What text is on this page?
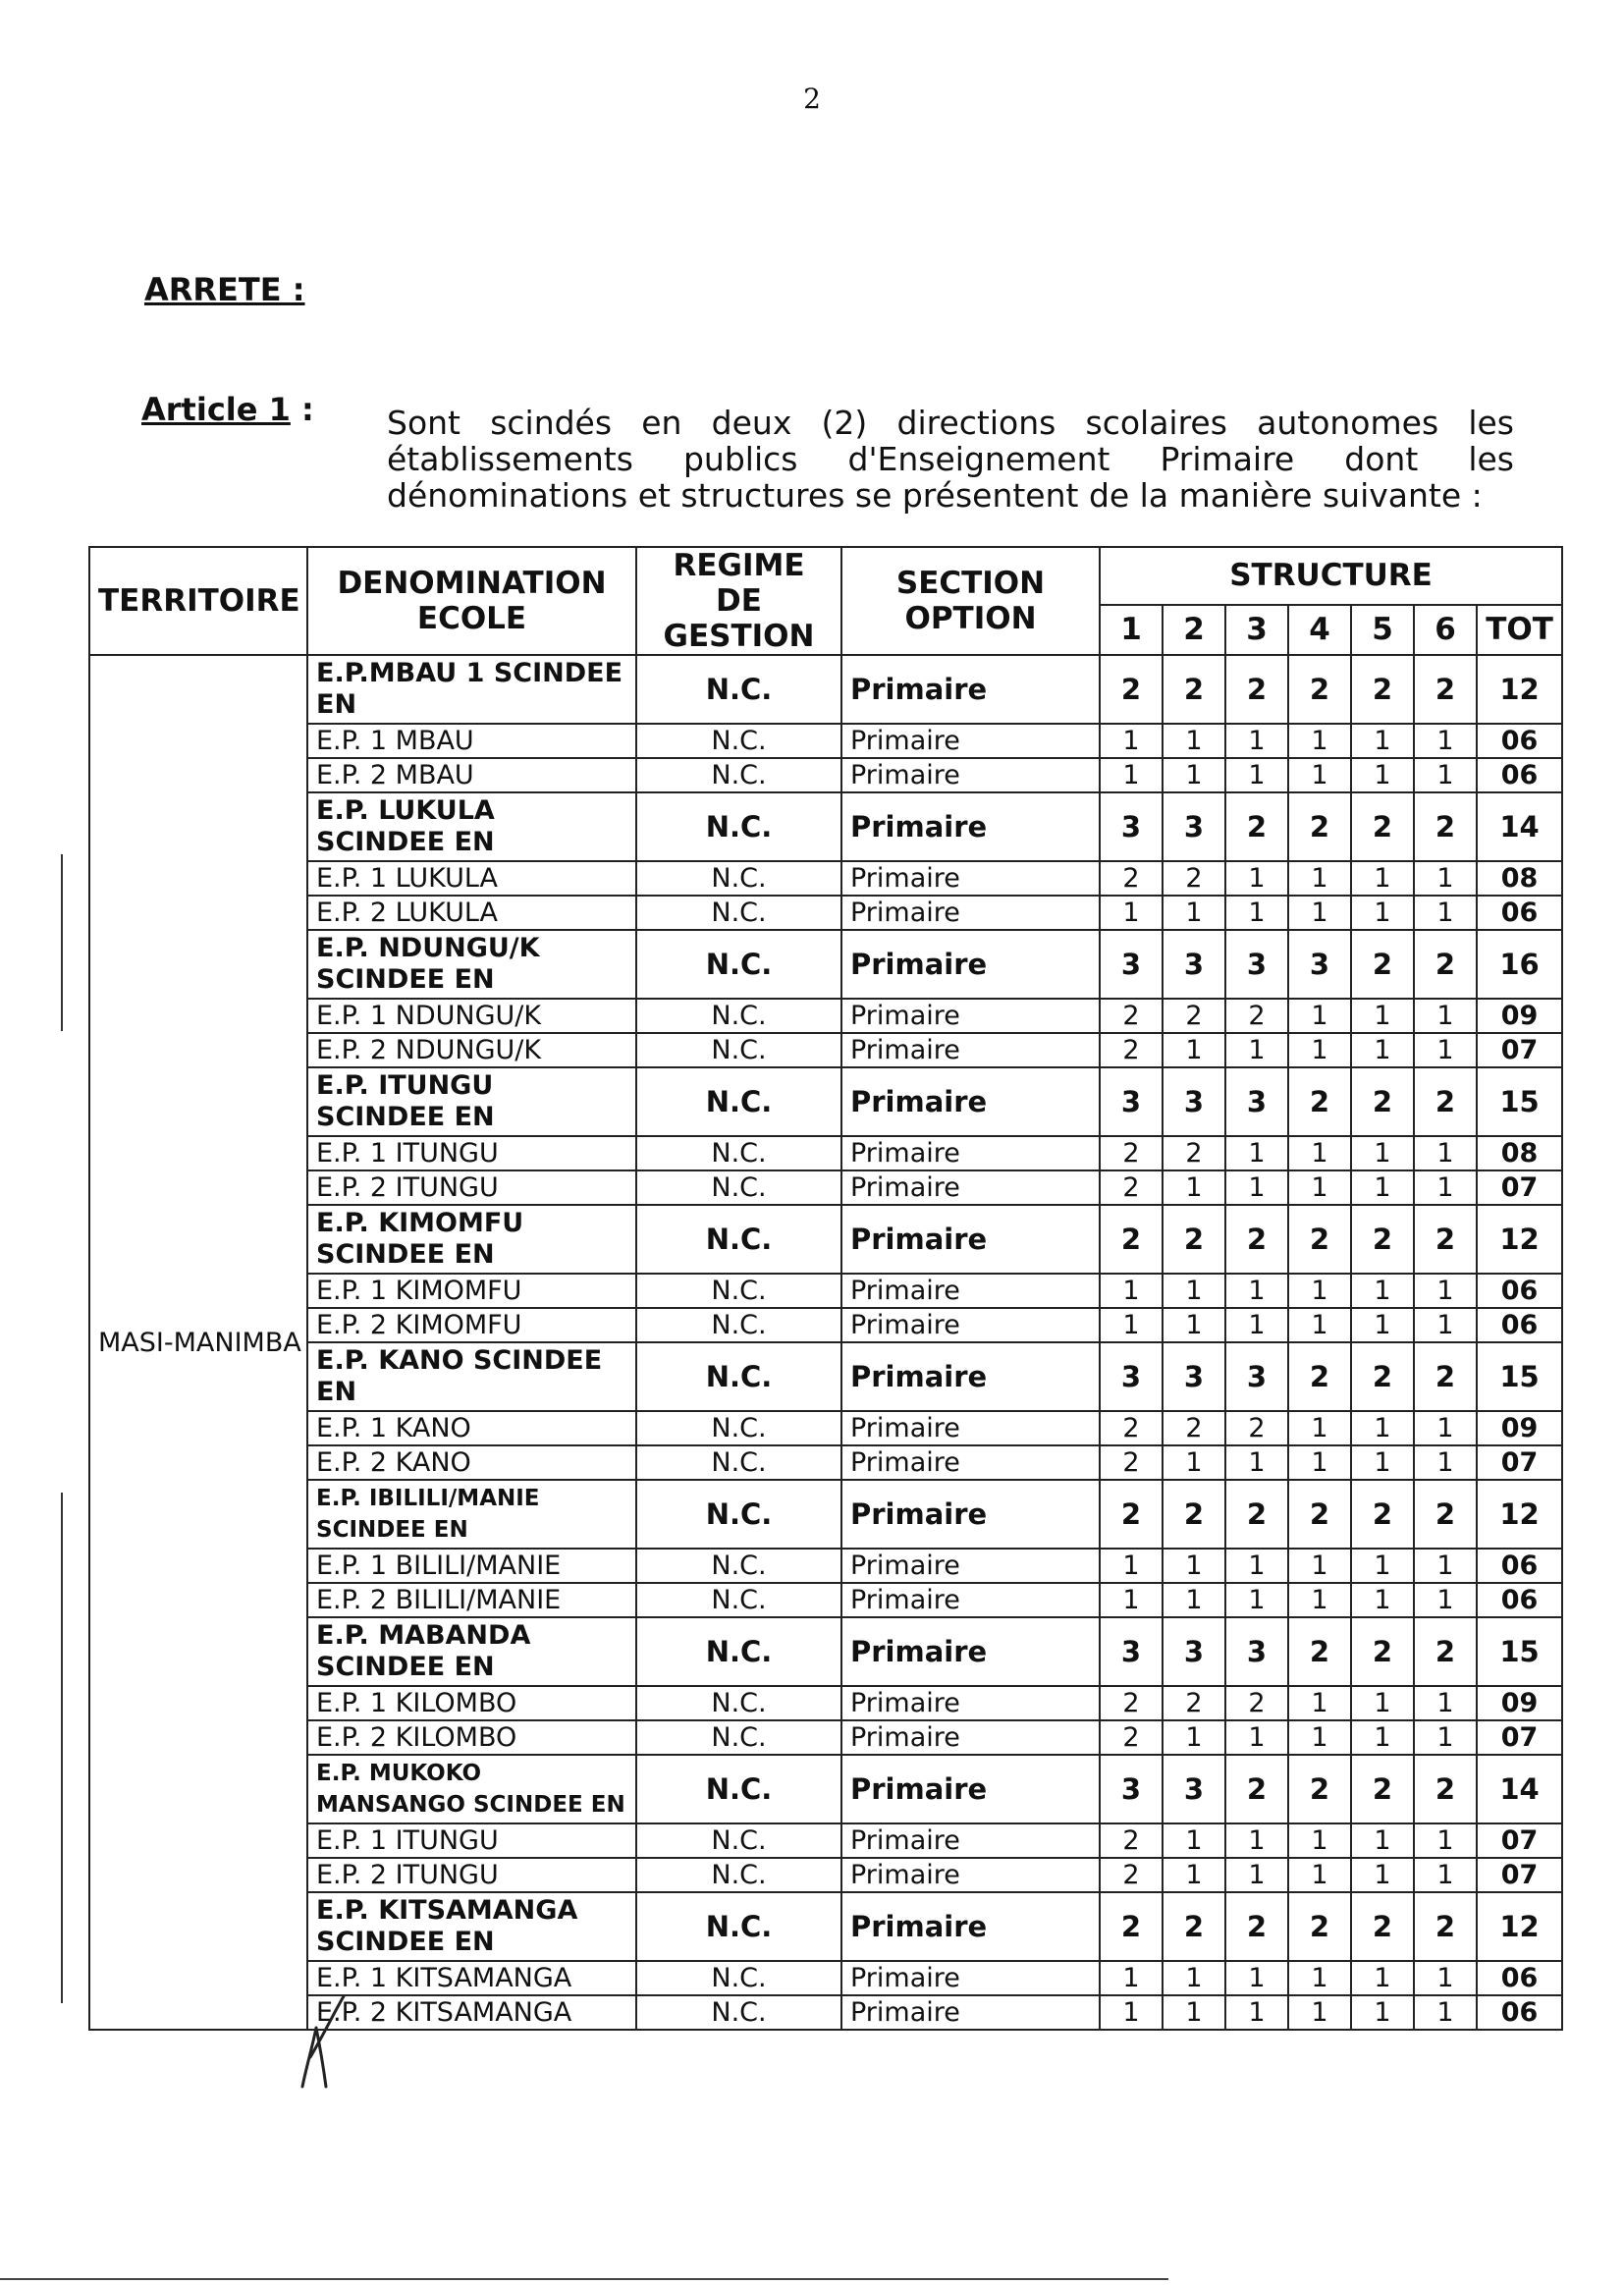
2
ARRETE :
Article 1 : Sont scindés en deux (2) directions scolaires autonomes les établissements publics d'Enseignement Primaire dont les dénominations et structures se présentent de la manière suivante :
TERRITOIRE	DENOMINATION ECOLE	REGIME DE GESTION	SECTION OPTION	STRUCTURE						
				1	2	3	4	5	6	TOT
MASI-MANIMBA	E.P.MBAU 1 SCINDEE EN	N.C.	Primaire	2	2	2	2	2	2	12
	E.P. 1 MBAU	N.C.	Primaire	1	1	1	1	1	1	06
	E.P. 2 MBAU	N.C.	Primaire	1	1	1	1	1	1	06
	E.P. LUKULA SCINDEE EN	N.C.	Primaire	3	3	2	2	2	2	14
	E.P. 1 LUKULA	N.C.	Primaire	2	2	1	1	1	1	08
	E.P. 2 LUKULA	N.C.	Primaire	1	1	1	1	1	1	06
	E.P. NDUNGU/K SCINDEE EN	N.C.	Primaire	3	3	3	3	2	2	16
	E.P. 1 NDUNGU/K	N.C.	Primaire	2	2	2	1	1	1	09
	E.P. 2 NDUNGU/K	N.C.	Primaire	2	1	1	1	1	1	07
	E.P. ITUNGU SCINDEE EN	N.C.	Primaire	3	3	3	2	2	2	15
	E.P. 1 ITUNGU	N.C.	Primaire	2	2	1	1	1	1	08
	E.P. 2 ITUNGU	N.C.	Primaire	2	1	1	1	1	1	07
	E.P. KIMOMFU SCINDEE EN	N.C.	Primaire	2	2	2	2	2	2	12
	E.P. 1 KIMOMFU	N.C.	Primaire	1	1	1	1	1	1	06
	E.P. 2 KIMOMFU	N.C.	Primaire	1	1	1	1	1	1	06
	E.P. KANO SCINDEE EN	N.C.	Primaire	3	3	3	2	2	2	15
	E.P. 1 KANO	N.C.	Primaire	2	2	2	1	1	1	09
	E.P. 2 KANO	N.C.	Primaire	2	1	1	1	1	1	07
	E.P. IBILILI/MANIE SCINDEE EN	N.C.	Primaire	2	2	2	2	2	2	12
	E.P. 1 BILILI/MANIE	N.C.	Primaire	1	1	1	1	1	1	06
	E.P. 2 BILILI/MANIE	N.C.	Primaire	1	1	1	1	1	1	06
	E.P. MABANDA SCINDEE EN	N.C.	Primaire	3	3	3	2	2	2	15
	E.P. 1 KILOMBO	N.C.	Primaire	2	2	2	1	1	1	09
	E.P. 2 KILOMBO	N.C.	Primaire	2	1	1	1	1	1	07
	E.P. MUKOKO MANSANGO SCINDEE EN	N.C.	Primaire	3	3	2	2	2	2	14
	E.P. 1 ITUNGU	N.C.	Primaire	2	1	1	1	1	1	07
	E.P. 2 ITUNGU	N.C.	Primaire	2	1	1	1	1	1	07
	E.P. KITSAMANGA SCINDEE EN	N.C.	Primaire	2	2	2	2	2	2	12
	E.P. 1 KITSAMANGA	N.C.	Primaire	1	1	1	1	1	1	06
	E.P. 2 KITSAMANGA	N.C.	Primaire	1	1	1	1	1	1	06
